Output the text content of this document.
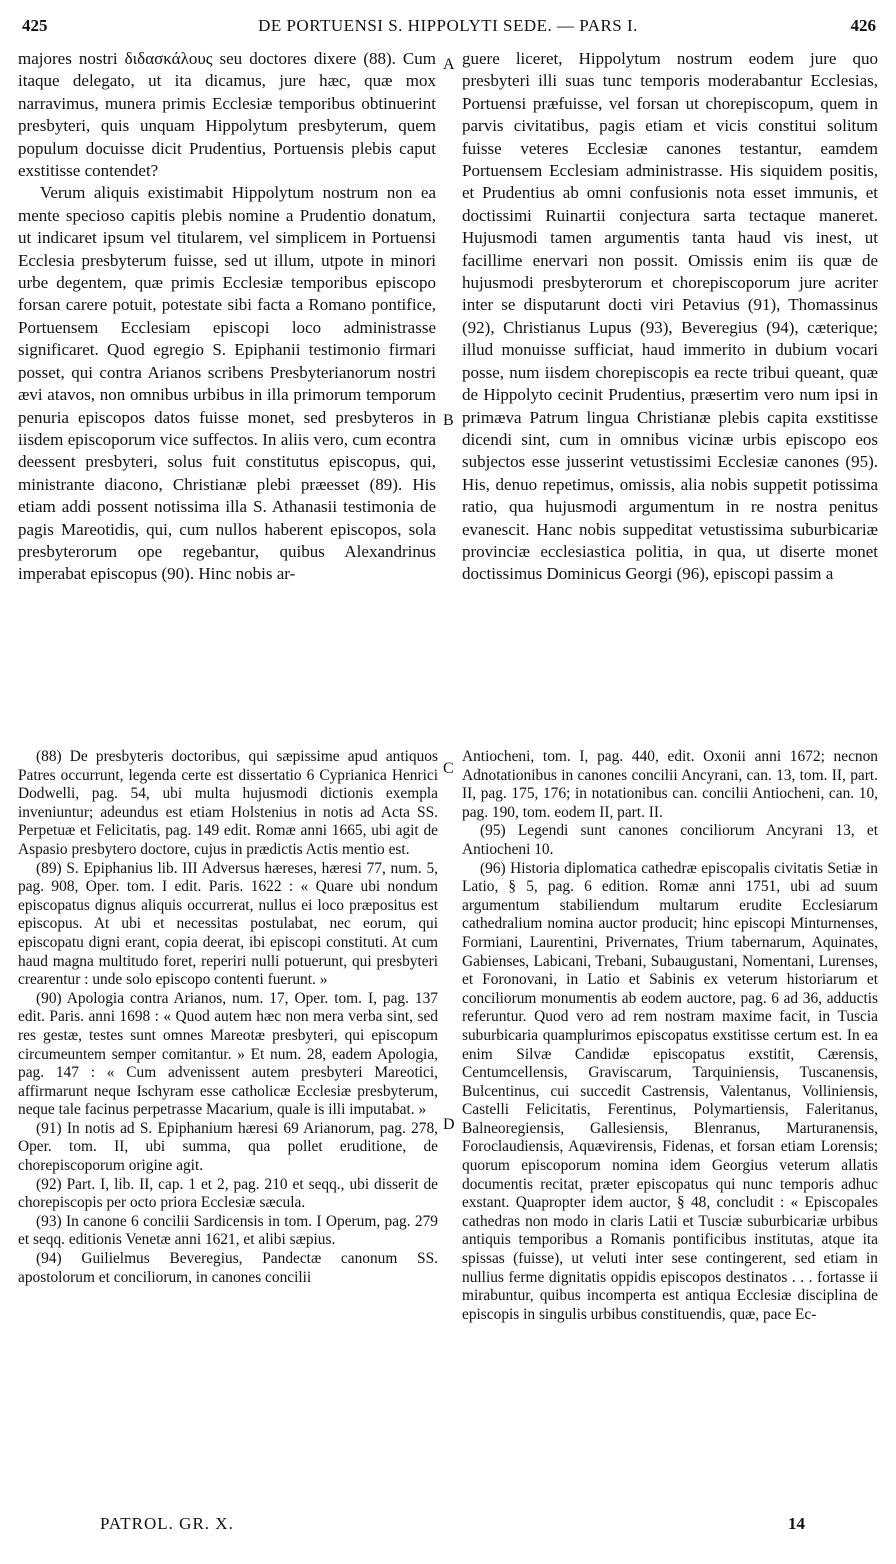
425	DE PORTUENSI S. HIPPOLYTI SEDE. — PARS I.	426

majores nostri διδασκάλους seu doctores dixere (88). Cum itaque delegato, ut ita dicamus, jure hæc, quæ mox narravimus, munera primis Ecclesiæ temporibus obtinuerint presbyteri, quis unquam Hippolytum presbyterum, quem populum docuisse dicit Prudentius, Portuensis plebis caput exstitisse contendet?

Verum aliquis existimabit Hippolytum nostrum non ea mente specioso capitis plebis nomine a Prudentio donatum, ut indicaret ipsum vel titularem, vel simplicem in Portuensi Ecclesia presbyterum fuisse, sed ut illum, utpote in minori urbe degentem, quæ primis Ecclesiæ temporibus episcopo forsan carere potuit, potestate sibi facta a Romano pontifice, Portuensem Ecclesiam episcopi loco administrasse significaret. Quod egregio S. Epiphanii testimonio firmari posset, qui contra Arianos scribens Presbyterianorum nostri ævi atavos, non omnibus urbibus in illa primorum temporum penuria episcopos datos fuisse monet, sed presbyteros in iisdem episcoporum vice suffectos. In aliis vero, cum econtra deessent presbyteri, solus fuit constitutus episcopus, qui, ministrante diacono, Christianæ plebi præesset (89). His etiam addi possent notissima illa S. Athanasii testimonia de pagis Mareotidis, qui, cum nullos haberent episcopos, sola presbyterorum ope regebantur, quibus Alexandrinus imperabat episcopus (90). Hinc nobis ar-

guere liceret, Hippolytum nostrum eodem jure quo presbyteri illi suas tunc temporis moderabantur Ecclesias, Portuensi præfuisse, vel forsan ut chorepiscopum, quem in parvis civitatibus, pagis etiam et vicis constitui solitum fuisse veteres Ecclesiæ canones testantur, eamdem Portuensem Ecclesiam administrasse. His siquidem positis, et Prudentius ab omni confusionis nota esset immunis, et doctissimi Ruinartii conjectura sarta tectaque maneret. Hujusmodi tamen argumentis tanta haud vis inest, ut facillime enervari non possit. Omissis enim iis quæ de hujusmodi presbyterorum et chorepiscoporum jure acriter inter se disputarunt docti viri Petavius (91), Thomassinus (92), Christianus Lupus (93), Beveregius (94), cæterique; illud monuisse sufficiat, haud immerito in dubium vocari posse, num iisdem chorepiscopis ea recte tribui queant, quæ de Hippolyto cecinit Prudentius, præsertim vero num ipsi in primæva Patrum lingua Christianæ plebis capita exstitisse dicendi sint, cum in omnibus vicinæ urbis episcopo eos subjectos esse jusserint vetustissimi Ecclesiæ canones (95). His, denuo repetimus, omissis, alia nobis suppetit potissima ratio, qua hujusmodi argumentum in re nostra penitus evanescit. Hanc nobis suppeditat vetustissima suburbicariæ provinciæ ecclesiastica politia, in qua, ut diserte monet doctissimus Dominicus Georgi (96), episcopi passim a

A
B
C
D

(88) De presbyteris doctoribus, qui sæpissime apud antiquos Patres occurrunt, legenda certe est dissertatio 6 Cyprianica Henrici Dodwelli, pag. 54, ubi multa hujusmodi dictionis exempla inveniuntur; adeundus est etiam Holstenius in notis ad Acta SS. Perpetuæ et Felicitatis, pag. 149 edit. Romæ anni 1665, ubi agit de Aspasio presbytero doctore, cujus in prædictis Actis mentio est.

(89) S. Epiphanius lib. III Adversus hæreses, hæresi 77, num. 5, pag. 908, Oper. tom. I edit. Paris. 1622 : « Quare ubi nondum episcopatus dignus aliquis occurrerat, nullus ei loco præpositus est episcopus. At ubi et necessitas postulabat, nec eorum, qui episcopatu digni erant, copia deerat, ibi episcopi constituti. At cum haud magna multitudo foret, reperiri nulli potuerunt, qui presbyteri crearentur : unde solo episcopo contenti fuerunt. »

(90) Apologia contra Arianos, num. 17, Oper. tom. I, pag. 137 edit. Paris. anni 1698 : « Quod autem hæc non mera verba sint, sed res gestæ, testes sunt omnes Mareotæ presbyteri, qui episcopum circumeuntem semper comitantur. » Et num. 28, eadem Apologia, pag. 147 : « Cum advenissent autem presbyteri Mareotici, affirmarunt neque Ischyram esse catholicæ Ecclesiæ presbyterum, neque tale facinus perpetrasse Macarium, quale is illi imputabat. »

(91) In notis ad S. Epiphanium hæresi 69 Arianorum, pag. 278, Oper. tom. II, ubi summa, qua pollet eruditione, de chorepiscoporum origine agit.

(92) Part. I, lib. II, cap. 1 et 2, pag. 210 et seqq., ubi disserit de chorepiscopis per octo priora Ecclesiæ sæcula.

(93) In canone 6 concilii Sardicensis in tom. I Operum, pag. 279 et seqq. editionis Venetæ anni 1621, et alibi sæpius.

(94) Guilielmus Beveregius, Pandectæ canonum SS. apostolorum et conciliorum, in canones concilii

Antiocheni, tom. I, pag. 440, edit. Oxonii anni 1672; necnon Adnotationibus in canones concilii Ancyrani, can. 13, tom. II, part. II, pag. 175, 176; in notationibus can. concilii Antiocheni, can. 10, pag. 190, tom. eodem II, part. II.

(95) Legendi sunt canones conciliorum Ancyrani 13, et Antiocheni 10.

(96) Historia diplomatica cathedræ episcopalis civitatis Setiæ in Latio, § 5, pag. 6 edition. Romæ anni 1751, ubi ad suum argumentum stabiliendum multarum erudite Ecclesiarum cathedralium nomina auctor producit; hinc episcopi Minturnenses, Formiani, Laurentini, Privernates, Trium tabernarum, Aquinates, Gabienses, Labicani, Trebani, Subaugustani, Nomentani, Lurenses, et Foronovani, in Latio et Sabinis ex veterum historiarum et conciliorum monumentis ab eodem auctore, pag. 6 ad 36, adductis referuntur. Quod vero ad rem nostram maxime facit, in Tuscia suburbicaria quamplurimos episcopatus exstitisse certum est. In ea enim Silvæ Candidæ episcopatus exstitit, Cærensis, Centumcellensis, Graviscarum, Tarquiniensis, Tuscanensis, Bulcentinus, cui succedit Castrensis, Valentanus, Volliniensis, Castelli Felicitatis, Ferentinus, Polymartiensis, Faleritanus, Balneoregiensis, Gallesiensis, Blenranus, Marturanensis, Foroclaudiensis, Aquævirensis, Fidenas, et forsan etiam Lorensis; quorum episcoporum nomina idem Georgius veterum allatis documentis recitat, præter episcopatus qui nunc temporis adhuc exstant. Quapropter idem auctor, § 48, concludit : « Episcopales cathedras non modo in claris Latii et Tusciæ suburbicariæ urbibus antiquis temporibus a Romanis pontificibus institutas, atque ita spissas (fuisse), ut veluti inter sese contingerent, sed etiam in nullius ferme dignitatis oppidis episcopos destinatos . . . fortasse ii mirabuntur, quibus incomperta est antiqua Ecclesiæ disciplina de episcopis in singulis urbibus constituendis, quæ, pace Ec-

PATROL. GR. X.	14
